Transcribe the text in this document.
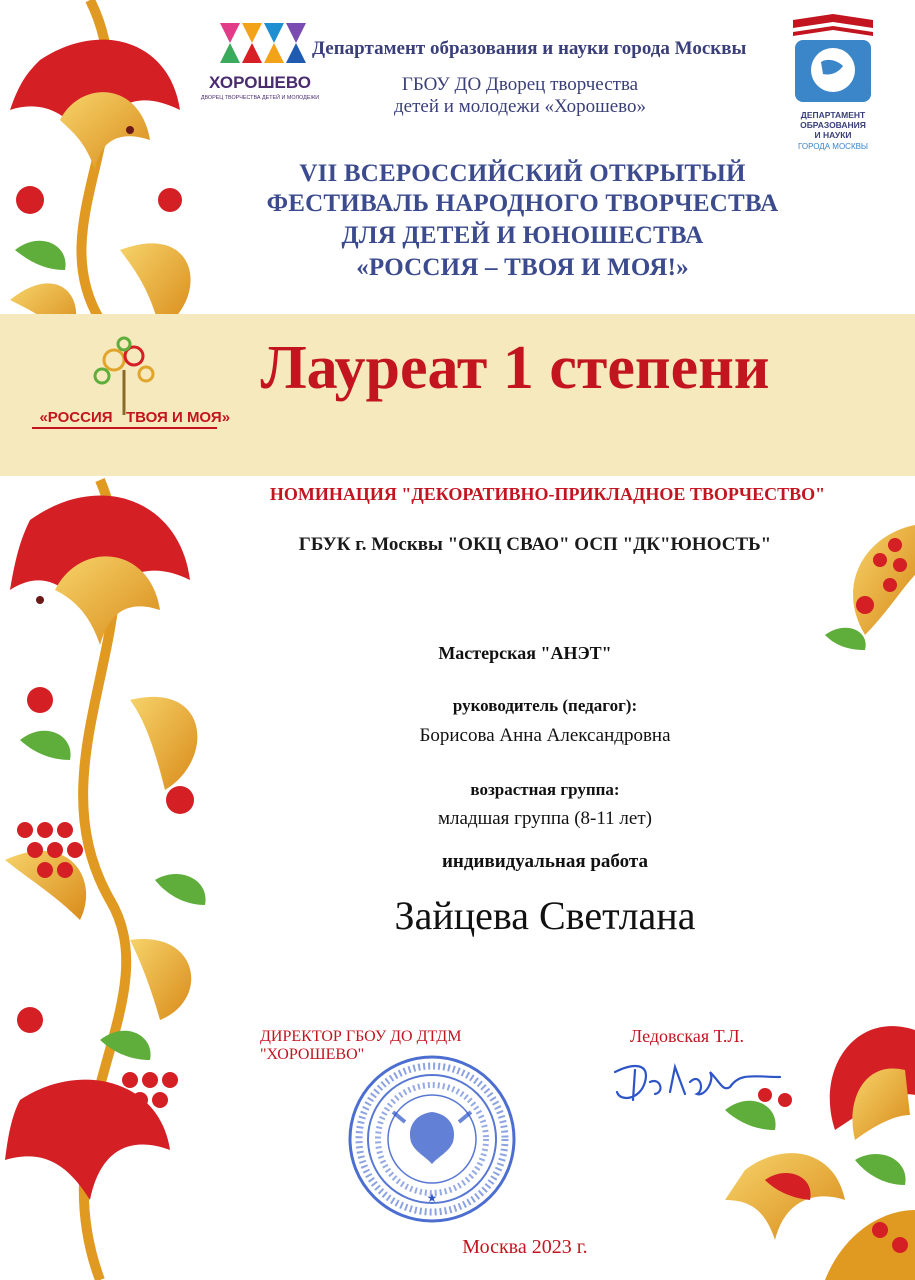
ХОРОШЕВО
ДВОРЕЦ ТВОРЧЕСТВА ДЕТЕЙ И МОЛОДЕЖИ
Департамент образования и науки города Москвы
ГБОУ ДО Дворец творчества
детей и молодежи «Хорошево»	ДЕПАРТАМЕНТ
ОБРАЗОВАНИЯ
И НАУКИ
ГОРОДА МОСКВЫ
VII ВСЕРОССИЙСКИЙ ОТКРЫТЫЙ
ФЕСТИВАЛЬ НАРОДНОГО ТВОРЧЕСТВА
ДЛЯ ДЕТЕЙ И ЮНОШЕСТВА
«РОССИЯ – ТВОЯ И МОЯ!»
«РОССИЯ ТВОЯ И МОЯ»
Лауреат 1 степени
НОМИНАЦИЯ "ДЕКОРАТИВНО-ПРИКЛАДНОЕ ТВОРЧЕСТВО"
ГБУК г. Москвы "ОКЦ СВАО" ОСП "ДК"ЮНОСТЬ"
Мастерская "АНЭТ"
руководитель (педагог):
Борисова Анна Александровна
возрастная группа:
младшая группа (8-11 лет)
индивидуальная работа
Зайцева Светлана
ДИРЕКТОР ГБОУ ДО ДТДМ
"ХОРОШЕВО"
Ледовская Т.Л.
★
Москва 2023 г.
